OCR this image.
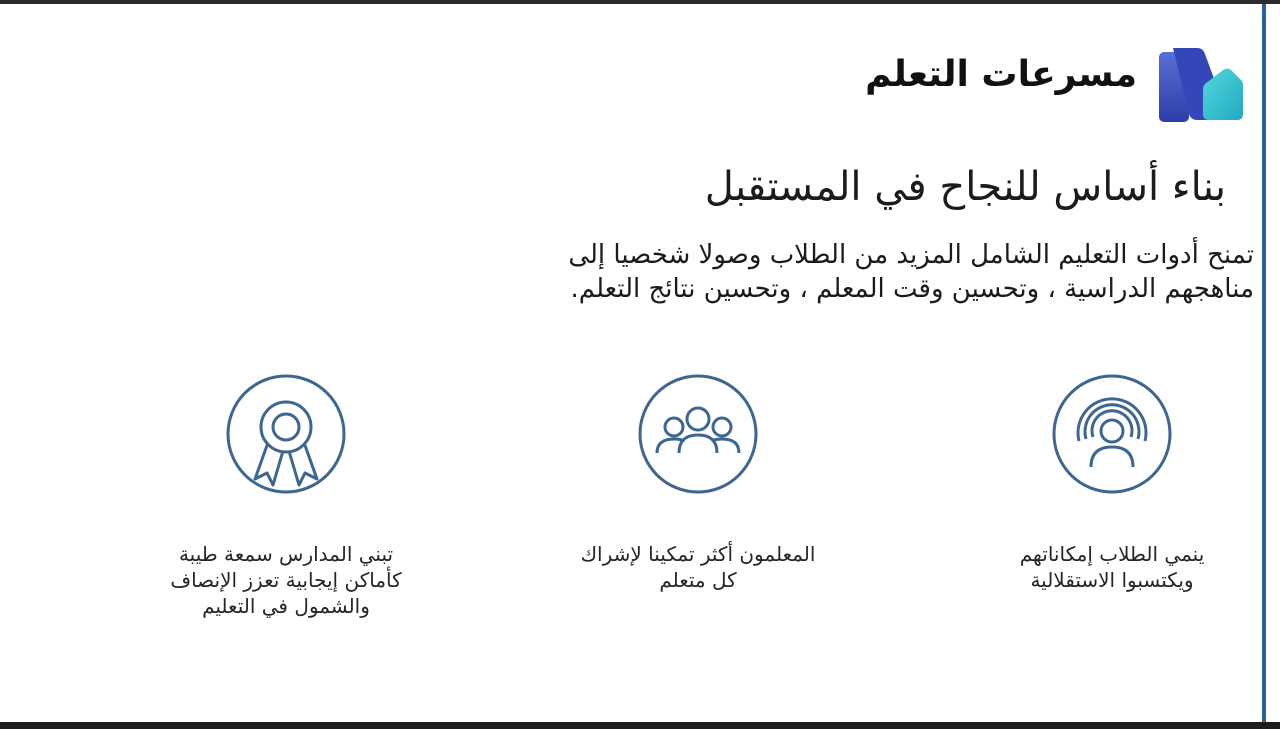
مسرعات التعلم
بناء أساس للنجاح في المستقبل
تمنح أدوات التعليم الشامل المزيد من الطلاب وصولا شخصيا إلى مناهجهم الدراسية ، وتحسين وقت المعلم ، وتحسين نتائج التعلم.
ينمي الطلاب إمكاناتهم
ويكتسبوا الاستقلالية
المعلمون أكثر تمكينا لإشراك
كل متعلم
تبني المدارس سمعة طيبة
كأماكن إيجابية تعزز الإنصاف
والشمول في التعليم
